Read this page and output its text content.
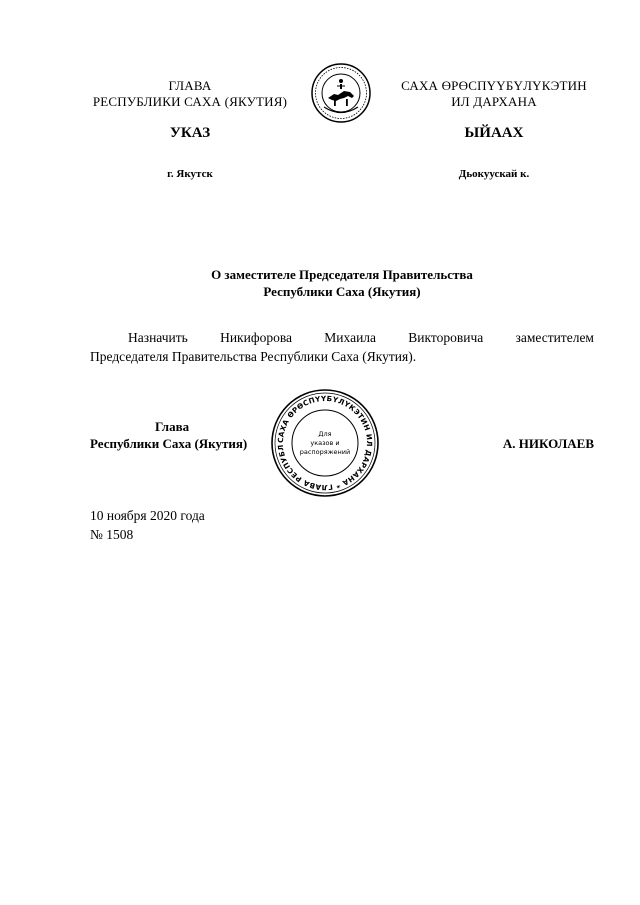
ГЛАВА
РЕСПУБЛИКИ САХА (ЯКУТИЯ)
САХА ӨРӨСПҮҮБҮЛҮКЭТИН
ИЛ ДАРХАНА
УКАЗ	ЫЙААХ
г. Якутск	Дьокуускай к.
О заместителе Председателя Правительства
Республики Саха (Якутия)
Назначить Никифорова Михаила Викторовича заместителем
Председателя Правительства Республики Саха (Якутия).
Глава
Республики Саха (Якутия)	САХА ӨРӨСПҮҮБҮЛҮКЭТИН ИЛ ДАРХАНА * ГЛАВА РЕСПУБЛ
Для
указов и
распоряжений
А. НИКОЛАЕВ
10 ноября 2020 года
№ 1508
